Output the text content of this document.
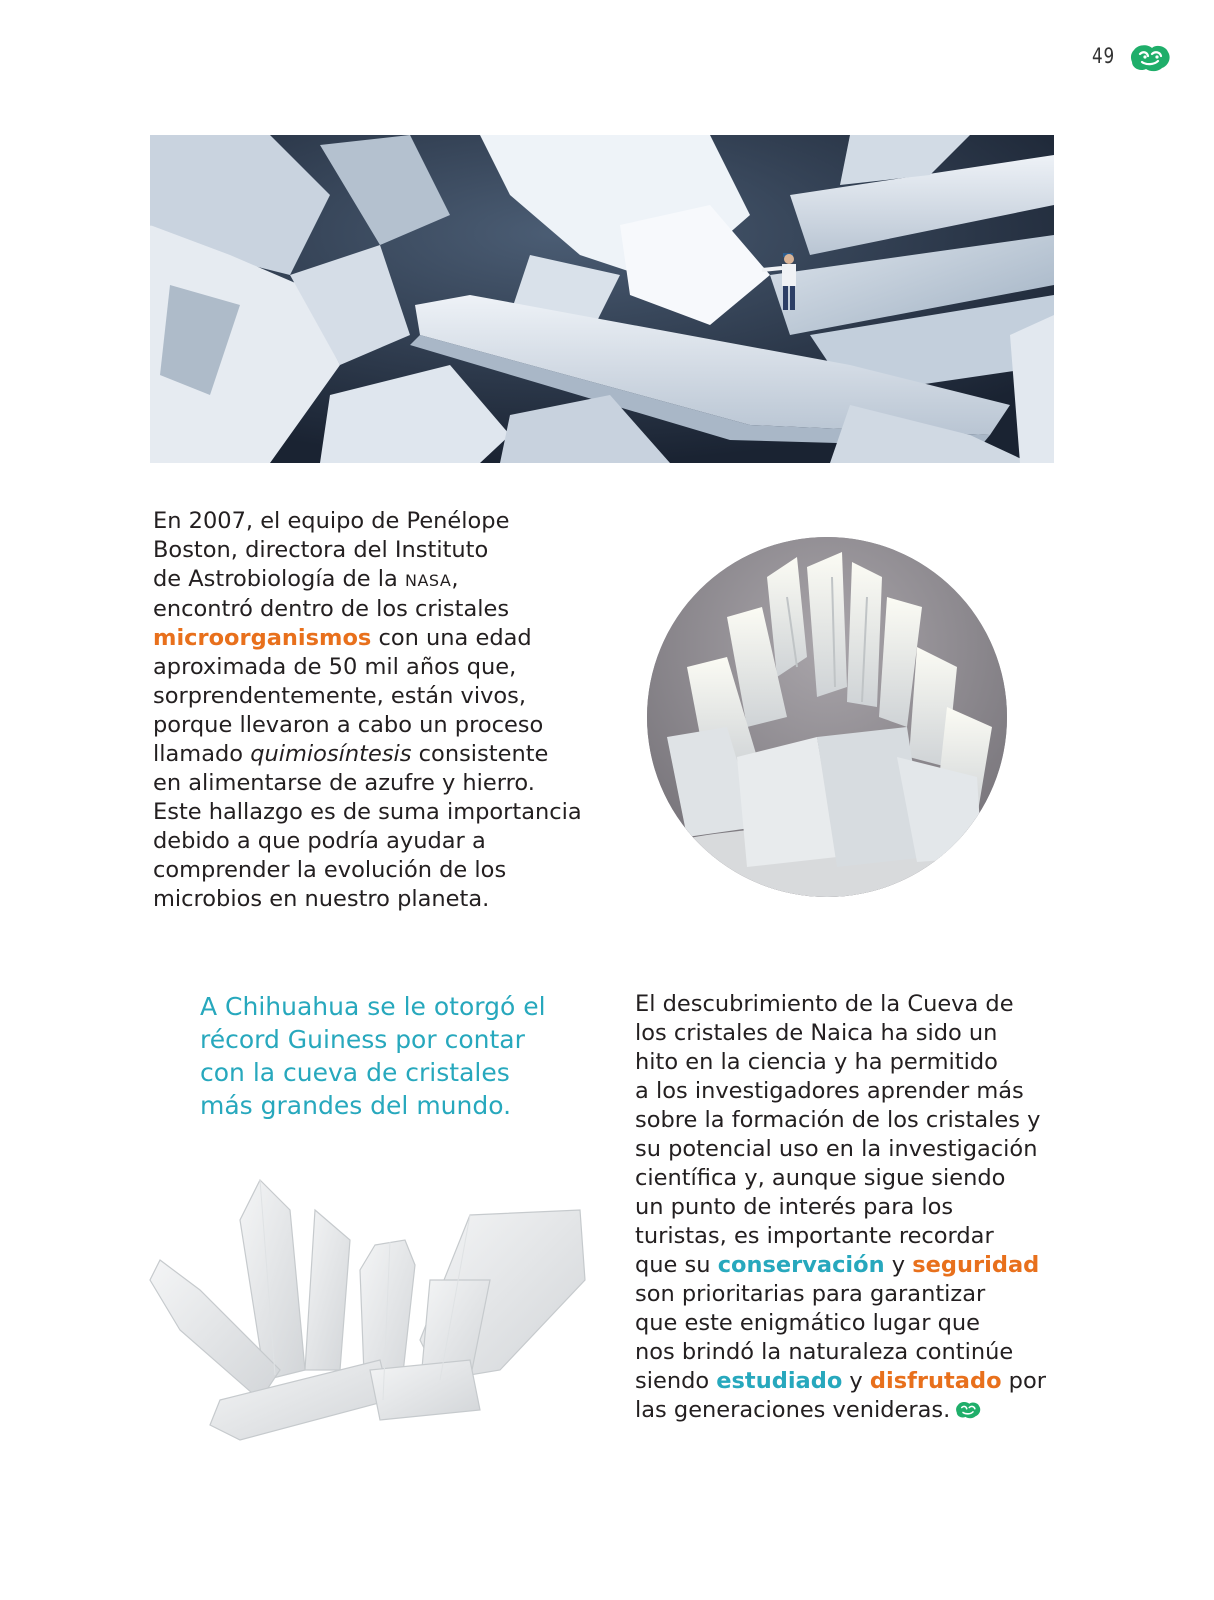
49
En 2007, el equipo de Penélope
Boston, directora del Instituto
de Astrobiología de la NASA,
encontró dentro de los cristales
microorganismos con una edad
aproximada de 50 mil años que,
sorprendentemente, están vivos,
porque llevaron a cabo un proceso
llamado quimiosíntesis consistente
en alimentarse de azufre y hierro.
Este hallazgo es de suma importancia
debido a que podría ayudar a
comprender la evolución de los
microbios en nuestro planeta.
A Chihuahua se le otorgó el
récord Guiness por contar
con la cueva de cristales
más grandes del mundo.
El descubrimiento de la Cueva de
los cristales de Naica ha sido un
hito en la ciencia y ha permitido
a los investigadores aprender más
sobre la formación de los cristales y
su potencial uso en la investigación
científica y, aunque sigue siendo
un punto de interés para los
turistas, es importante recordar
que su conservación y seguridad
son prioritarias para garantizar
que este enigmático lugar que
nos brindó la naturaleza continúe
siendo estudiado y disfrutado por
las generaciones venideras.
